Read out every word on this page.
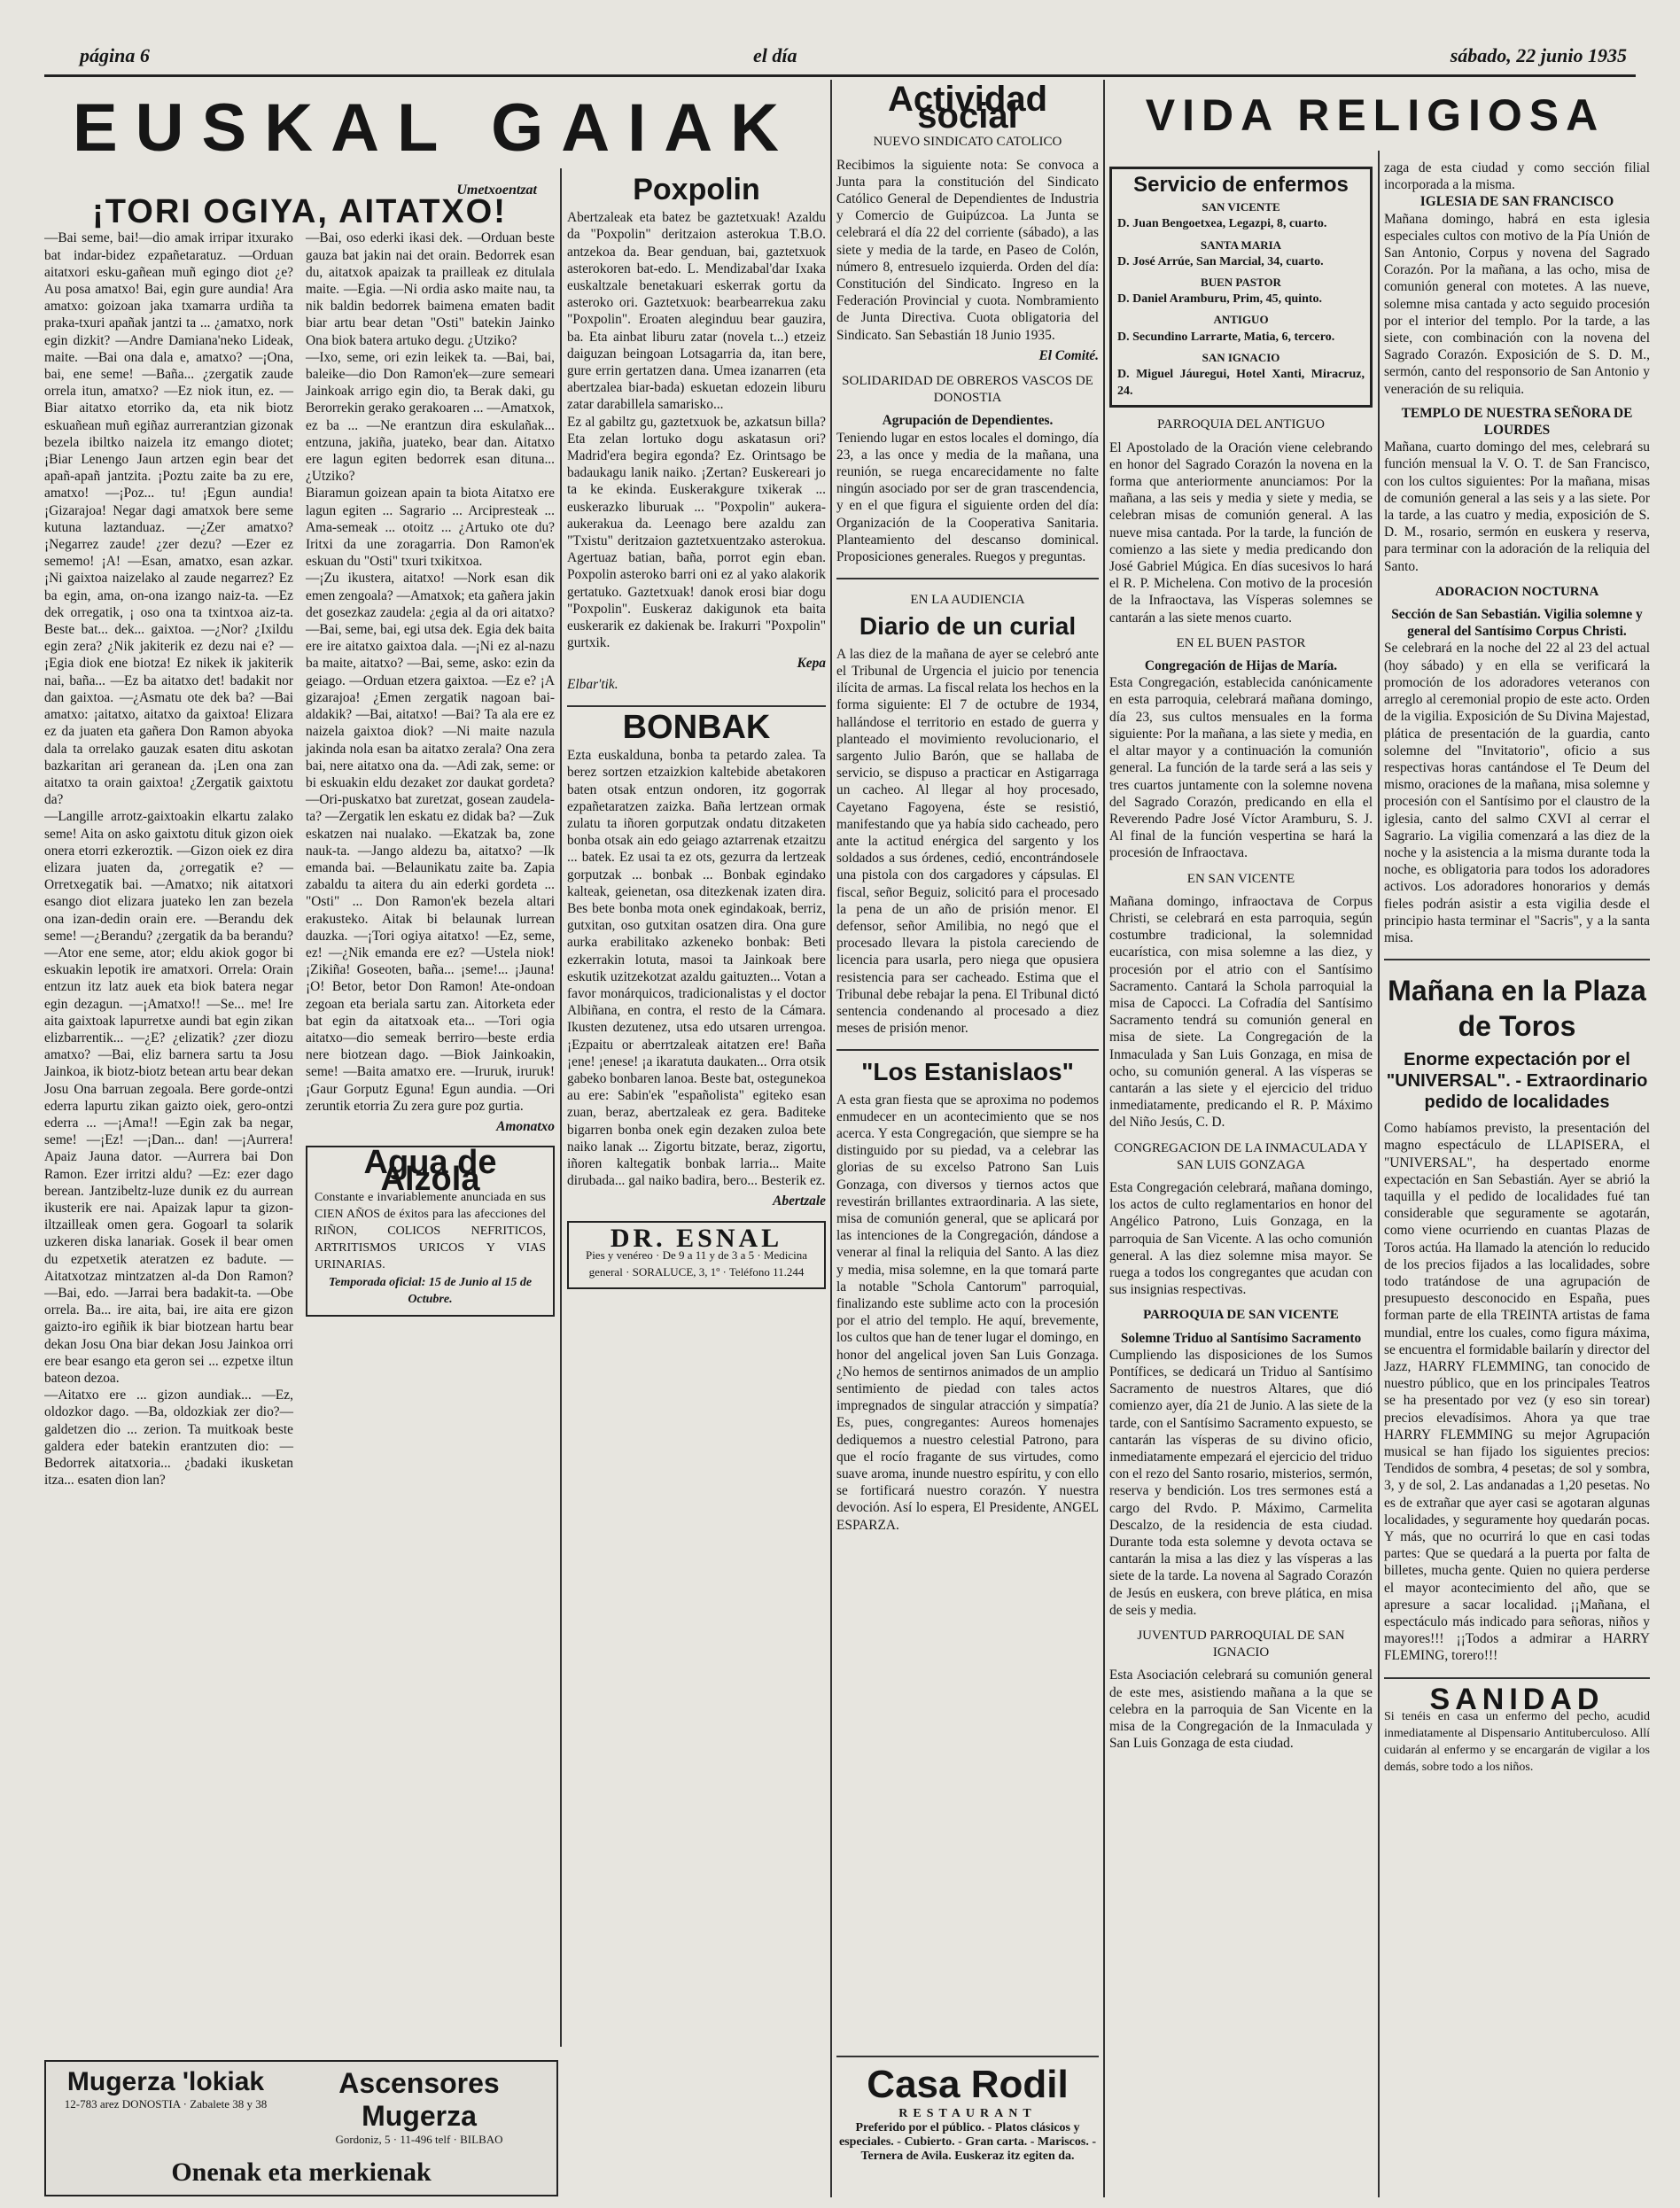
página 6	el día	sábado, 22 junio 1935
EUSKAL GAIAK
Umetxoentzat
¡TORI OGIYA, AITATXO!

—Bai seme, bai!—dio amak irripar itxurako bat indar-bidez ezpañetaratuz. —Orduan aitatxori esku-gañean muñ egingo diot ¿e? Au posa amatxo! Bai, egin gure aundia! Ara amatxo: goizoan jaka txamarra urdiña ta praka-txuri apañak jantzi ta ... ¿amatxo, nork egin dizkit? —Andre Damiana'neko Lideak, maite. —Bai ona dala e, amatxo? —¡Ona, bai, ene seme! —Baña... ¿zergatik zaude orrela itun, amatxo? —Ez niok itun, ez. —Biar aitatxo etorriko da, eta nik biotz eskuañean muñ egiñaz aurrerantzian gizonak bezela ibiltko naizela itz emango diotet; ¡Biar Lenengo Jaun artzen egin bear det apañ-apañ jantzita. ¡Poztu zaite ba zu ere, amatxo! —¡Poz... tu! ¡Egun aundia! ¡Gizarajoa! Negar dagi amatxok bere seme kutuna laztanduaz. —¿Zer amatxo? ¡Negarrez zaude! ¿zer dezu? —Ezer ez sememo! ¡A! —Esan, amatxo, esan azkar. ¡Ni gaixtoa naizelako al zaude negarrez? Ez ba egin, ama, on-ona izango naiz-ta. —Ez dek orregatik, ¡ oso ona ta txintxoa aiz-ta. Beste bat... dek... gaixtoa. —¿Nor? ¿Ixildu egin zera? ¿Nik jakiterik ez dezu nai e? —¡Egia diok ene biotza! Ez nikek ik jakiterik nai, baña... —Ez ba aitatxo det! badakit nor dan gaixtoa. —¿Asmatu ote dek ba? —Bai amatxo: ¡aitatxo, aitatxo da gaixtoa! Elizara ez da juaten eta gañera Don Ramon abyoka dala ta orrelako gauzak esaten ditu askotan bazkaritan ari geranean da. ¡Len ona zan aitatxo ta orain gaixtoa! ¿Zergatik gaixtotu da?

—Langille arrotz-gaixtoakin elkartu zalako seme! Aita on asko gaixtotu dituk gizon oiek onera etorri ezkeroztik. —Gizon oiek ez dira elizara juaten da, ¿orregatik e? —Orretxegatik bai. —Amatxo; nik aitatxori esango diot elizara juateko len zan bezela ona izan-dedin orain ere. —Berandu dek seme! —¿Berandu? ¿zergatik da ba berandu? —Ator ene seme, ator; eldu akiok gogor bi eskuakin lepotik ire amatxori. Orrela: Orain entzun itz latz auek eta biok batera negar egin dezagun. —¡Amatxo!! —Se... me! Ire aita gaixtoak lapurretxe aundi bat egin zikan elizbarrentik... —¿E? ¿elizatik? ¿zer diozu amatxo? —Bai, eliz barnera sartu ta Josu Jainkoa, ik biotz-biotz betean artu bear dekan Josu Ona barruan zegoala. Bere gorde-ontzi ederra lapurtu zikan gaizto oiek, gero-ontzi ederra ... —¡Ama!! —Egin zak ba negar, seme! —¡Ez! —¡Dan... dan! —¡Aurrera! Apaiz Jauna dator. —Aurrera bai Don Ramon. Ezer irritzi aldu? —Ez: ezer dago berean. Jantzibeltz-luze dunik ez du aurrean ikusterik ere nai. Apaizak lapur ta gizon-iltzailleak omen gera. Gogoarl ta solarik uzkeren diska lanariak. Gosek il bear omen du ezpetxetik ateratzen ez badute. —Aitatxotzaz mintzatzen al-da Don Ramon? —Bai, edo. —Jarrai bera badakit-ta. —Obe orrela. Ba... ire aita, bai, ire aita ere gizon gaizto-iro egiñik ik biar biotzean hartu bear dekan Josu Ona biar dekan Josu Jainkoa orri ere bear esango eta geron sei ... ezpetxe iltun bateon dezoa.

—Aitatxo ere ... gizon aundiak... —Ez, oldozkor dago. —Ba, oldozkiak zer dio?—galdetzen dio ... zerion. Ta muitkoak beste galdera eder batekin erantzuten dio: —Bedorrek aitatxoria... ¿badaki ikusketan itza... esaten dion lan?

—Bai, oso ederki ikasi dek. —Orduan beste gauza bat jakin nai det orain. Bedorrek esan du, aitatxok apaizak ta prailleak ez ditulala maite. —Egia. —Ni ordia asko maite nau, ta nik baldin bedorrek baimena ematen badit biar artu bear detan "Osti" batekin Jainko Ona biok batera artuko degu. ¿Utziko?

—Ixo, seme, ori ezin leikek ta. —Bai, bai, baleike—dio Don Ramon'ek—zure semeari Jainkoak arrigo egin dio, ta Berak daki, gu Berorrekin gerako gerakoaren ... —Amatxok, ez ba ... —Ne erantzun dira eskulañak... entzuna, jakiña, juateko, bear dan. Aitatxo ere lagun egiten bedorrek esan dituna... ¿Utziko?

Biaramun goizean apain ta biota Aitatxo ere lagun egiten ... Sagrario ... Arcipresteak ... Ama-semeak ... otoitz ... ¿Artuko ote du? Iritxi da une zoragarria. Don Ramon'ek eskuan du "Osti" txuri txikitxoa.

—¡Zu ikustera, aitatxo! —Nork esan dik emen zengoala? —Amatxok; eta gañera jakin det gosezkaz zaudela: ¿egia al da ori aitatxo? —Bai, seme, bai, egi utsa dek. Egia dek baita ere ire aitatxo gaixtoa dala. —¡Ni ez al-nazu ba maite, aitatxo? —Bai, seme, asko: ezin da geiago. —Orduan etzera gaixtoa. —Ez e? ¡A gizarajoa! ¿Emen zergatik nagoan bai-aldakik? —Bai, aitatxo! —Bai? Ta ala ere ez naizela gaixtoa diok? —Ni maite nazula jakinda nola esan ba aitatxo zerala? Ona zera bai, nere aitatxo ona da. —Adi zak, seme: or bi eskuakin eldu dezaket zor daukat gordeta? —Ori-puskatxo bat zuretzat, gosean zaudela-ta? —Zergatik len eskatu ez didak ba? —Zuk eskatzen nai nualako. —Ekatzak ba, zone nauk-ta. —Jango aldezu ba, aitatxo? —Ik emanda bai. —Belaunikatu zaite ba. Zapia zabaldu ta aitera du ain ederki gordeta ... "Osti" ... Don Ramon'ek bezela altari erakusteko. Aitak bi belaunak lurrean dauzka. —¡Tori ogiya aitatxo! —Ez, seme, ez! —¿Nik emanda ere ez? —Ustela niok! ¡Zikiña! Goseoten, baña... ¡seme!... ¡Jauna! ¡O! Betor, betor Don Ramon! Ate-ondoan zegoan eta beriala sartu zan. Aitorketa eder bat egin da aitatxoak eta... —Tori ogia aitatxo—dio semeak berriro—beste erdia nere biotzean dago. —Biok Jainkoakin, seme! —Baita amatxo ere. —Iruruk, iruruk! ¡Gaur Gorputz Eguna! Egun aundia. —Ori zeruntik etorria Zu zera gure poz gurtia.

Amonatxo
Agua de Alzola
Constante e invariablemente anunciada en sus CIEN AÑOS de éxitos para las afecciones del RIÑON, COLICOS NEFRITICOS, ARTRITISMOS URICOS Y VIAS URINARIAS.
Temporada oficial: 15 de Junio al 15 de Octubre.
Mugerza 'lokiak
12-783 arez DONOSTIA · Zabalete 38 y 38
Ascensores Mugerza
Gordoniz, 5 · 11-496 telf · BILBAO
Onenak eta merkienak
Poxpolin

Abertzaleak eta batez be gaztetxuak! Azaldu da "Poxpolin" deritzaion asterokua T.B.O. antzekoa da. Bear genduan, bai, gaztetxuok asterokoren bat-edo. L. Mendizabal'dar Ixaka euskaltzale benetakuari eskerrak gortu da asteroko ori. Gaztetxuok: bearbearrekua zaku "Poxpolin". Eroaten aleginduu bear gauzira, ba. Eta ainbat liburu zatar (novela t...) etzeiz daiguzan beingoan Lotsagarria da, itan bere, gure errin gertatzen dana. Umea izanarren (eta abertzalea biar-bada) eskuetan edozein liburu zatar darabillela samarisko...

Ez al gabiltz gu, gaztetxuok be, azkatsun billa? Eta zelan lortuko dogu askatasun ori? Madrid'era begira egonda? Ez. Orintsago be badaukagu lanik naiko. ¡Zertan? Euskereari jo ta ke ekinda. Euskerakgure txikerak ... euskerazko liburuak ... "Poxpolin" aukera-aukerakua da. Leenago bere azaldu zan "Txistu" deritzaion gaztetxuentzako asterokua. Agertuaz batian, baña, porrot egin eban. Poxpolin asteroko barri oni ez al yako alakorik gertatuko. Gaztetxuak! danok erosi biar dogu "Poxpolin". Euskeraz dakigunok eta baita euskerarik ez dakienak be. Irakurri "Poxpolin" gurtxik.

Kepa
Elbar'tik.
BONBAK

Ezta euskalduna, bonba ta petardo zalea. Ta berez sortzen etzaizkion kaltebide abetakoren baten otsak entzun ondoren, itz gogorrak ezpañetaratzen zaizka. Baña lertzean ormak zulatu ta iñoren gorputzak ondatu ditzaketen bonba otsak ain edo geiago aztarrenak etzaitzu ... batek. Ez usai ta ez ots, gezurra da lertzeak gorputzak ... bonbak ... Bonbak egindako kalteak, geienetan, osa ditezkenak izaten dira. Bes bete bonba mota onek egindakoak, berriz, gutxitan, oso gutxitan osatzen dira. Ona gure aurka erabilitako azkeneko bonbak: Beti ezkerrakin lotuta, masoi ta Jainkoak bere eskutik uzitzekotzat azaldu gaituzten... Votan a favor monárquicos, tradicionalistas y el doctor Albiñana, en contra, el resto de la Cámara. Ikusten dezutenez, utsa edo utsaren urrengoa. ¡Ezpaitu or aberrtzaleak aitatzen ere! Baña ¡ene! ¡enese! ¡a ikaratuta daukaten... Orra otsik gabeko bonbaren lanoa. Beste bat, ostegunekoa au ere: Sabin'ek "españolista" egiteko esan zuan, beraz, abertzaleak ez gera. Baditeke bigarren bonba onek egin dezaken zuloa bete naiko lanak ... Zigortu bitzate, beraz, zigortu, iñoren kaltegatik bonbak larria... Maite dirubada... gal naiko badira, bero... Besterik ez.

Abertzale
DR. ESNAL
Pies y venéreo · De 9 a 11 y de 3 a 5 · Medicina general · SORALUCE, 3, 1º · Teléfono 11.244
Actividad social
NUEVO SINDICATO CATOLICO

Recibimos la siguiente nota: Se convoca a Junta para la constitución del Sindicato Católico General de Dependientes de Industria y Comercio de Guipúzcoa. La Junta se celebrará el día 22 del corriente (sábado), a las siete y media de la tarde, en Paseo de Colón, número 8, entresuelo izquierda. Orden del día: Constitución del Sindicato. Ingreso en la Federación Provincial y cuota. Nombramiento de Junta Directiva. Cuota obligatoria del Sindicato. San Sebastián 18 Junio 1935.

El Comité.
SOLIDARIDAD DE OBREROS VASCOS DE DONOSTIA
Agrupación de Dependientes.

Teniendo lugar en estos locales el domingo, día 23, a las once y media de la mañana, una reunión, se ruega encarecidamente no falte ningún asociado por ser de gran trascendencia, y en el que figura el siguiente orden del día: Organización de la Cooperativa Sanitaria. Planteamiento del descanso dominical. Proposiciones generales. Ruegos y preguntas.

EN LA AUDIENCIA
Diario de un curial

A las diez de la mañana de ayer se celebró ante el Tribunal de Urgencia el juicio por tenencia ilícita de armas. La fiscal relata los hechos en la forma siguiente: El 7 de octubre de 1934, hallándose el territorio en estado de guerra y planteado el movimiento revolucionario, el sargento Julio Barón, que se hallaba de servicio, se dispuso a practicar en Astigarraga un cacheo. Al llegar al hoy procesado, Cayetano Fagoyena, éste se resistió, manifestando que ya había sido cacheado, pero ante la actitud enérgica del sargento y los soldados a sus órdenes, cedió, encontrándosele una pistola con dos cargadores y cápsulas. El fiscal, señor Beguiz, solicitó para el procesado la pena de un año de prisión menor. El defensor, señor Amilibia, no negó que el procesado llevara la pistola careciendo de licencia para usarla, pero niega que opusiera resistencia para ser cacheado. Estima que el Tribunal debe rebajar la pena. El Tribunal dictó sentencia condenando al procesado a diez meses de prisión menor.

"Los Estanislaos"

A esta gran fiesta que se aproxima no podemos enmudecer en un acontecimiento que se nos acerca. Y esta Congregación, que siempre se ha distinguido por su piedad, va a celebrar las glorias de su excelso Patrono San Luis Gonzaga, con diversos y tiernos actos que revestirán brillantes extraordinaria. A las siete, misa de comunión general, que se aplicará por las intenciones de la Congregación, dándose a venerar al final la reliquia del Santo. A las diez y media, misa solemne, en la que tomará parte la notable "Schola Cantorum" parroquial, finalizando este sublime acto con la procesión por el atrio del templo. He aquí, brevemente, los cultos que han de tener lugar el domingo, en honor del angelical joven San Luis Gonzaga. ¿No hemos de sentirnos animados de un amplio sentimiento de piedad con tales actos impregnados de singular atracción y simpatía? Es, pues, congregantes: Aureos homenajes dediquemos a nuestro celestial Patrono, para que el rocío fragante de sus virtudes, como suave aroma, inunde nuestro espíritu, y con ello se fortificará nuestro corazón. Y nuestra devoción. Así lo espera, El Presidente, ANGEL ESPARZA.

Casa Rodil
RESTAURANT
Preferido por el público. - Platos clásicos y especiales. - Cubierto. - Gran carta. - Mariscos. - Ternera de Avila. Euskeraz itz egiten da.
VIDA RELIGIOSA
Servicio de enfermos
SAN VICENTE
D. Juan Bengoetxea, Legazpi, 8, cuarto.
SANTA MARIA
D. José Arrúe, San Marcial, 34, cuarto.
BUEN PASTOR
D. Daniel Aramburu, Prim, 45, quinto.
ANTIGUO
D. Secundino Larrarte, Matia, 6, tercero.
SAN IGNACIO
D. Miguel Jáuregui, Hotel Xanti, Miracruz, 24.
PARROQUIA DEL ANTIGUO

El Apostolado de la Oración viene celebrando en honor del Sagrado Corazón la novena en la forma que anteriormente anunciamos: Por la mañana, a las seis y media y siete y media, se celebran misas de comunión general. A las nueve misa cantada. Por la tarde, la función de comienzo a las siete y media predicando don José Gabriel Múgica. En días sucesivos lo hará el R. P. Michelena. Con motivo de la procesión de la Infraoctava, las Vísperas solemnes se cantarán a las siete menos cuarto.

EN EL BUEN PASTOR
Congregación de Hijas de María.

Esta Congregación, establecida canónicamente en esta parroquia, celebrará mañana domingo, día 23, sus cultos mensuales en la forma siguiente: Por la mañana, a las siete y media, en el altar mayor y a continuación la comunión general. La función de la tarde será a las seis y tres cuartos juntamente con la solemne novena del Sagrado Corazón, predicando en ella el Reverendo Padre José Víctor Aramburu, S. J. Al final de la función vespertina se hará la procesión de Infraoctava.

EN SAN VICENTE

Mañana domingo, infraoctava de Corpus Christi, se celebrará en esta parroquia, según costumbre tradicional, la solemnidad eucarística, con misa solemne a las diez, y procesión por el atrio con el Santísimo Sacramento. Cantará la Schola parroquial la misa de Capocci. La Cofradía del Santísimo Sacramento tendrá su comunión general en misa de siete. La Congregación de la Inmaculada y San Luis Gonzaga, en misa de ocho, su comunión general. A las vísperas se cantarán a las siete y el ejercicio del triduo inmediatamente, predicando el R. P. Máximo del Niño Jesús, C. D.

CONGREGACION DE LA INMACULADA Y SAN LUIS GONZAGA

Esta Congregación celebrará, mañana domingo, los actos de culto reglamentarios en honor del Angélico Patrono, Luis Gonzaga, en la parroquia de San Vicente. A las ocho comunión general. A las diez solemne misa mayor. Se ruega a todos los congregantes que acudan con sus insignias respectivas.

PARROQUIA DE SAN VICENTE
Solemne Triduo al Santísimo Sacramento

Cumpliendo las disposiciones de los Sumos Pontífices, se dedicará un Triduo al Santísimo Sacramento de nuestros Altares, que dió comienzo ayer, día 21 de Junio. A las siete de la tarde, con el Santísimo Sacramento expuesto, se cantarán las vísperas de su divino oficio, inmediatamente empezará el ejercicio del triduo con el rezo del Santo rosario, misterios, sermón, reserva y bendición. Los tres sermones está a cargo del Rvdo. P. Máximo, Carmelita Descalzo, de la residencia de esta ciudad. Durante toda esta solemne y devota octava se cantarán la misa a las diez y las vísperas a las siete de la tarde. La novena al Sagrado Corazón de Jesús en euskera, con breve plática, en misa de seis y media.

JUVENTUD PARROQUIAL DE SAN IGNACIO

Esta Asociación celebrará su comunión general de este mes, asistiendo mañana a la que se celebra en la parroquia de San Vicente en la misa de la Congregación de la Inmaculada y San Luis Gonzaga de esta ciudad.

zaga de esta ciudad y como sección filial incorporada a la misma.

IGLESIA DE SAN FRANCISCO

Mañana domingo, habrá en esta iglesia especiales cultos con motivo de la Pía Unión de San Antonio, Corpus y novena del Sagrado Corazón. Por la mañana, a las ocho, misa de comunión general con motetes. A las nueve, solemne misa cantada y acto seguido procesión por el interior del templo. Por la tarde, a las siete, con combinación con la novena del Sagrado Corazón. Exposición de S. D. M., sermón, canto del responsorio de San Antonio y veneración de su reliquia.

TEMPLO DE NUESTRA SEÑORA DE LOURDES

Mañana, cuarto domingo del mes, celebrará su función mensual la V. O. T. de San Francisco, con los cultos siguientes: Por la mañana, misas de comunión general a las seis y a las siete. Por la tarde, a las cuatro y media, exposición de S. D. M., rosario, sermón en euskera y reserva, para terminar con la adoración de la reliquia del Santo.

ADORACION NOCTURNA
Sección de San Sebastián. Vigilia solemne y general del Santísimo Corpus Christi.

Se celebrará en la noche del 22 al 23 del actual (hoy sábado) y en ella se verificará la promoción de los adoradores veteranos con arreglo al ceremonial propio de este acto. Orden de la vigilia. Exposición de Su Divina Majestad, plática de presentación de la guardia, canto solemne del "Invitatorio", oficio a sus respectivas horas cantándose el Te Deum del mismo, oraciones de la mañana, misa solemne y procesión con el Santísimo por el claustro de la iglesia, canto del salmo CXVI al cerrar el Sagrario. La vigilia comenzará a las diez de la noche y la asistencia a la misma durante toda la noche, es obligatoria para todos los adoradores activos. Los adoradores honorarios y demás fieles podrán asistir a esta vigilia desde el principio hasta terminar el "Sacris", y a la santa misa.

Mañana en la Plaza de Toros
Enorme expectación por el "UNIVERSAL". - Extraordinario pedido de localidades

Como habíamos previsto, la presentación del magno espectáculo de LLAPISERA, el "UNIVERSAL", ha despertado enorme expectación en San Sebastián. Ayer se abrió la taquilla y el pedido de localidades fué tan considerable que seguramente se agotarán, como viene ocurriendo en cuantas Plazas de Toros actúa. Ha llamado la atención lo reducido de los precios fijados a las localidades, sobre todo tratándose de una agrupación de presupuesto desconocido en España, pues forman parte de ella TREINTA artistas de fama mundial, entre los cuales, como figura máxima, se encuentra el formidable bailarín y director del Jazz, HARRY FLEMMING, tan conocido de nuestro público, que en los principales Teatros se ha presentado por vez (y eso sin torear) precios elevadísimos. Ahora ya que trae HARRY FLEMMING su mejor Agrupación musical se han fijado los siguientes precios: Tendidos de sombra, 4 pesetas; de sol y sombra, 3, y de sol, 2. Las andanadas a 1,20 pesetas. No es de extrañar que ayer casi se agotaran algunas localidades, y seguramente hoy quedarán pocas. Y más, que no ocurrirá lo que en casi todas partes: Que se quedará a la puerta por falta de billetes, mucha gente. Quien no quiera perderse el mayor acontecimiento del año, que se apresure a sacar localidad. ¡¡Mañana, el espectáculo más indicado para señoras, niños y mayores!!! ¡¡Todos a admirar a HARRY FLEMING, torero!!!

SANIDAD

Si tenéis en casa un enfermo del pecho, acudid inmediatamente al Dispensario Antituberculoso. Allí cuidarán al enfermo y se encargarán de vigilar a los demás, sobre todo a los niños.
